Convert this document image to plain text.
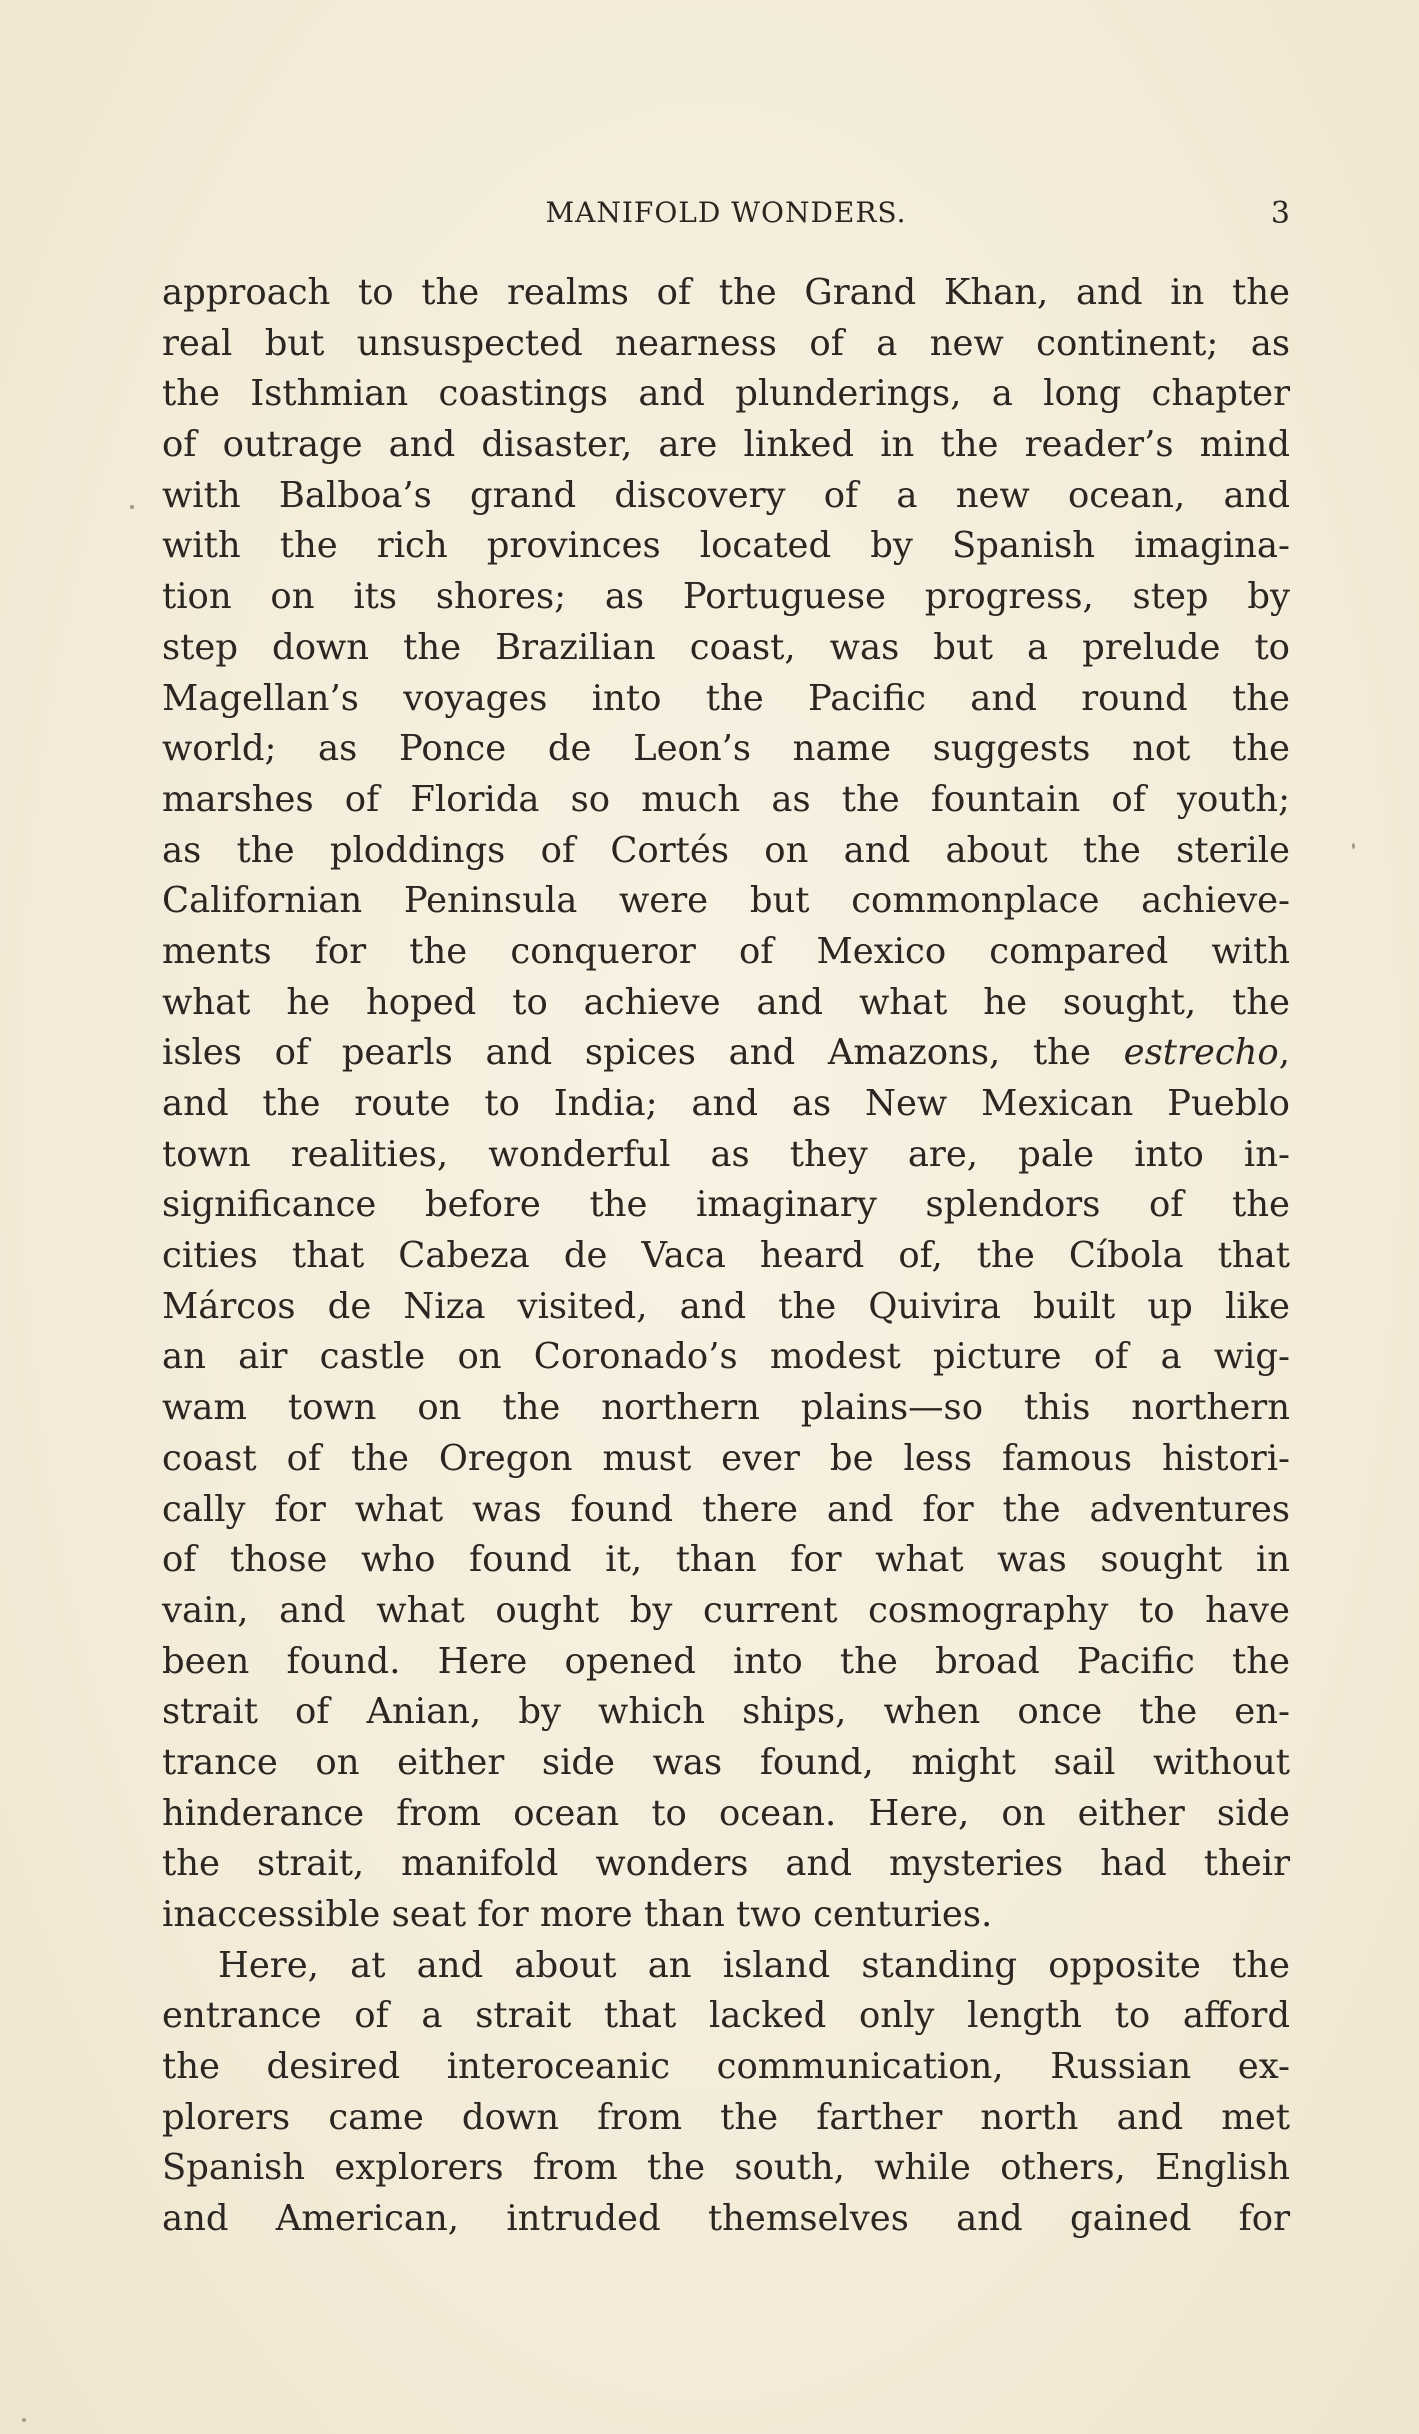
MANIFOLD WONDERS.	3
approach to the realms of the Grand Khan, and in the
real but unsuspected nearness of a new continent; as
the Isthmian coastings and plunderings, a long chapter
of outrage and disaster, are linked in the reader’s mind
with Balboa’s grand discovery of a new ocean, and
with the rich provinces located by Spanish imagina-
tion on its shores; as Portuguese progress, step by
step down the Brazilian coast, was but a prelude to
Magellan’s voyages into the Pacific and round the
world; as Ponce de Leon’s name suggests not the
marshes of Florida so much as the fountain of youth;
as the ploddings of Cortés on and about the sterile
Californian Peninsula were but commonplace achieve-
ments for the conqueror of Mexico compared with
what he hoped to achieve and what he sought, the
isles of pearls and spices and Amazons, the estrecho,
and the route to India; and as New Mexican Pueblo
town realities, wonderful as they are, pale into in-
significance before the imaginary splendors of the
cities that Cabeza de Vaca heard of, the Cíbola that
Márcos de Niza visited, and the Quivira built up like
an air castle on Coronado’s modest picture of a wig-
wam town on the northern plains—so this northern
coast of the Oregon must ever be less famous histori-
cally for what was found there and for the adventures
of those who found it, than for what was sought in
vain, and what ought by current cosmography to have
been found. Here opened into the broad Pacific the
strait of Anian, by which ships, when once the en-
trance on either side was found, might sail without
hinderance from ocean to ocean. Here, on either side
the strait, manifold wonders and mysteries had their
inaccessible seat for more than two centuries.
Here, at and about an island standing opposite the
entrance of a strait that lacked only length to afford
the desired interoceanic communication, Russian ex-
plorers came down from the farther north and met
Spanish explorers from the south, while others, English
and American, intruded themselves and gained for
